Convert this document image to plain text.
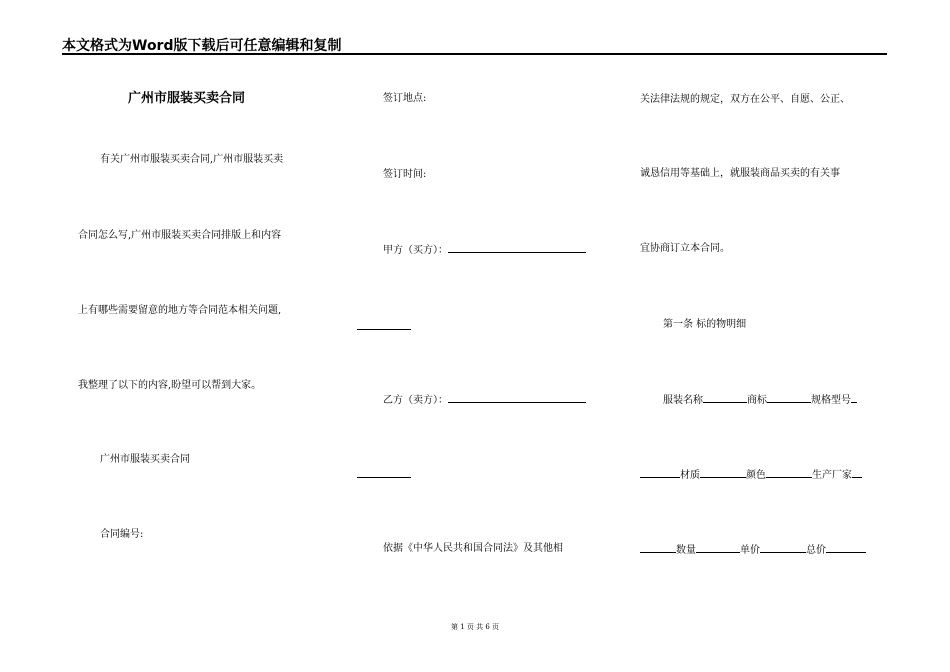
本文格式为Word版下载后可任意编辑和复制
广州市服装买卖合同
有关广州市服装买卖合同,广州市服装买卖
合同怎么写,广州市服装买卖合同排版上和内容
上有哪些需要留意的地方等合同范本相关问题,
我整理了以下的内容,盼望可以帮到大家。
广州市服装买卖合同
合同编号:
签订地点:
签订时间:
甲方（买方）：
乙方（卖方）：
依据《中华人民共和国合同法》及其他相
关法律法规的规定，双方在公平、自愿、公正、
诚恳信用等基础上，就服装商品买卖的有关事
宜协商订立本合同。
第一条 标的物明细
服装名称	商标	规格型号
材质	颜色	生产厂家
数量	单价	总价
第 1 页 共 6 页
